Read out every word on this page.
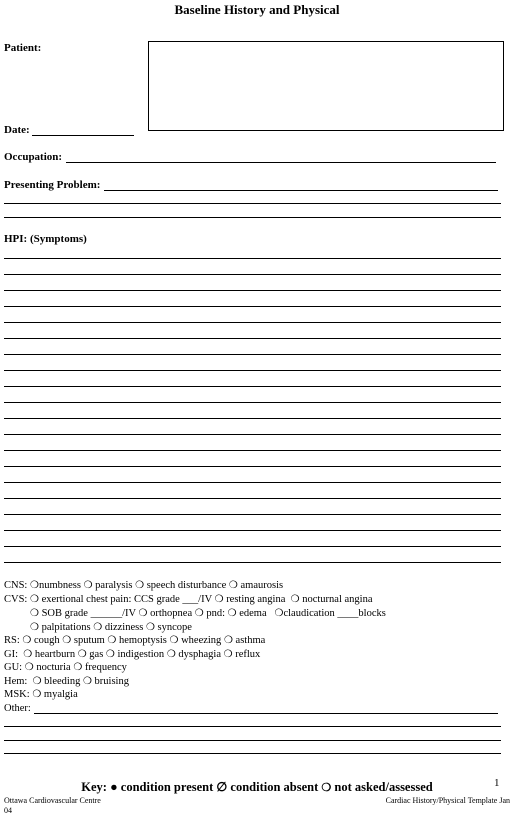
Baseline History and Physical
Patient:
Date:
Occupation:
Presenting Problem:
HPI: (Symptoms)
CNS: ❍numbness ❍ paralysis ❍ speech disturbance ❍ amaurosis
CVS: ❍ exertional chest pain: CCS grade ___/IV ❍ resting angina ❍ nocturnal angina
❍ SOB grade ______/IV ❍ orthopnea ❍ pnd: ❍ edema ❍claudication ____blocks
❍ palpitations ❍ dizziness ❍ syncope
RS: ❍ cough ❍ sputum ❍ hemoptysis ❍ wheezing ❍ asthma
GI: ❍ heartburn ❍ gas ❍ indigestion ❍ dysphagia ❍ reflux
GU: ❍ nocturia ❍ frequency
Hem: ❍ bleeding ❍ bruising
MSK: ❍ myalgia
Other:
Key: ● condition present ∅ condition absent ❍ not asked/assessed	1
Ottawa Cardiovascular Centre
04
Cardiac History/Physical Template Jan
